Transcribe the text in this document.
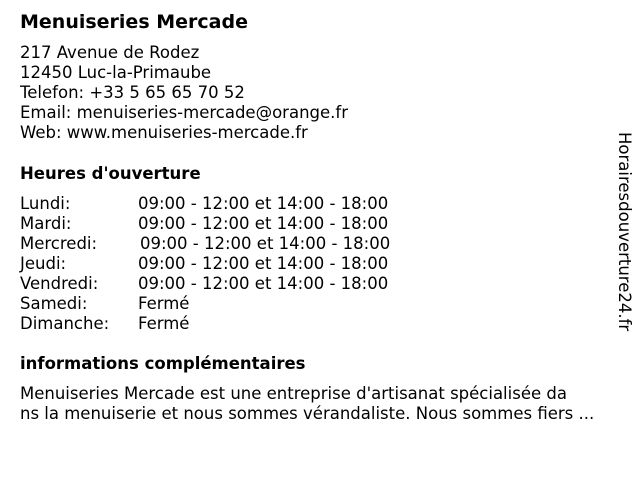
Menuiseries Mercade
217 Avenue de Rodez
12450 Luc-la-Primaube
Telefon: +33 5 65 65 70 52
Email: menuiseries-mercade@orange.fr
Web: www.menuiseries-mercade.fr
Heures d'ouverture
Lundi:	09:00 - 12:00 et 14:00 - 18:00
Mardi:	09:00 - 12:00 et 14:00 - 18:00
Mercredi:	09:00 - 12:00 et 14:00 - 18:00
Jeudi:	09:00 - 12:00 et 14:00 - 18:00
Vendredi: 09:00 - 12:00 et 14:00 - 18:00
Samedi:	Fermé
Dimanche: Fermé
informations complémentaires
Menuiseries Mercade est une entreprise d'artisanat spécialisée da
ns la menuiserie et nous sommes vérandaliste. Nous sommes fiers ...
Horairesdouverture24.fr
